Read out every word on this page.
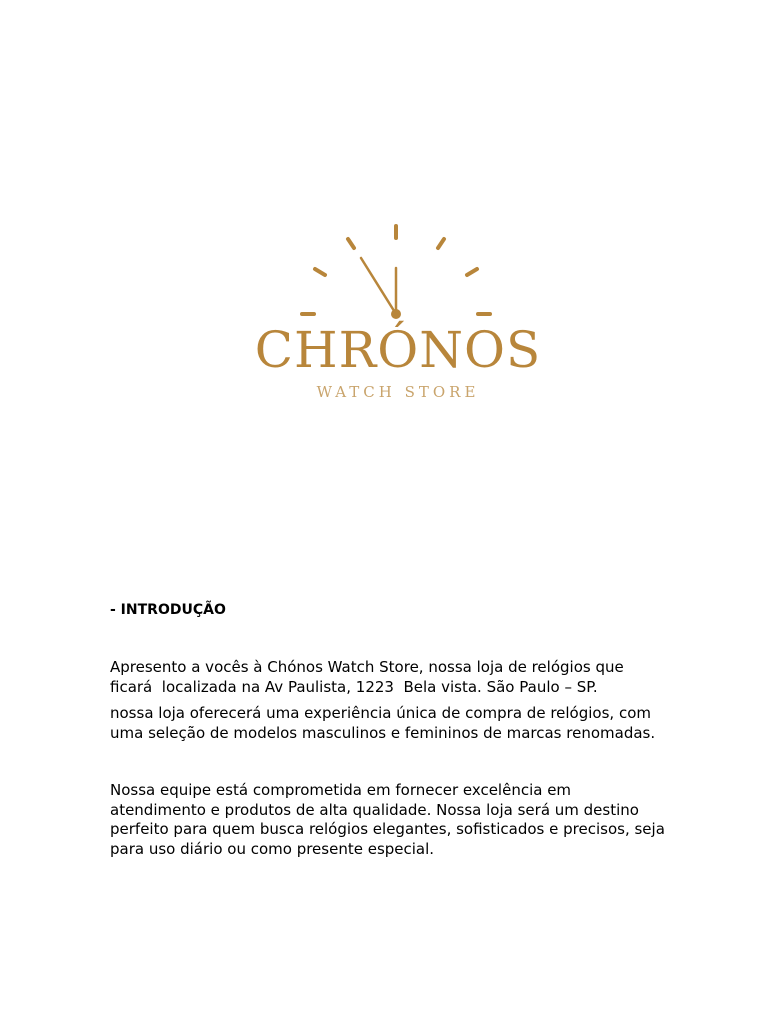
CHRÓNOS
WATCH STORE

- INTRODUÇÃO

Apresento a vocês à Chónos Watch Store, nossa loja de relógios que ficará  localizada na Av Paulista, 1223  Bela vista. São Paulo – SP.

nossa loja oferecerá uma experiência única de compra de relógios, com uma seleção de modelos masculinos e femininos de marcas renomadas.

Nossa equipe está comprometida em fornecer excelência em atendimento e produtos de alta qualidade. Nossa loja será um destino perfeito para quem busca relógios elegantes, sofisticados e precisos, seja para uso diário ou como presente especial.
